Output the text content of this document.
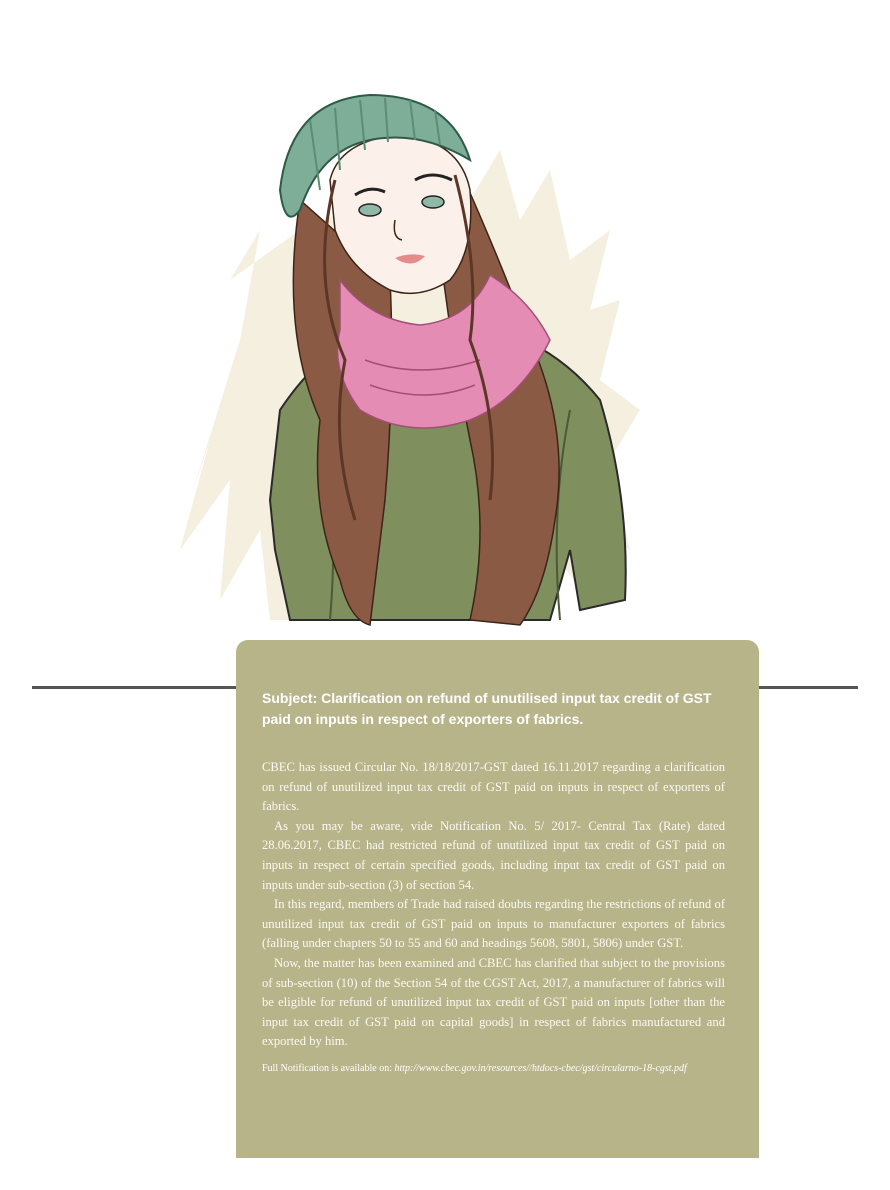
Subject: Clarification on refund of unutilised input tax credit of GST paid on inputs in respect of exporters of fabrics.

CBEC has issued Circular No. 18/18/2017-GST dated 16.11.2017 regarding a clarification on refund of unutilized input tax credit of GST paid on inputs in respect of exporters of fabrics.

As you may be aware, vide Notification No. 5/ 2017- Central Tax (Rate) dated 28.06.2017, CBEC had restricted refund of unutilized input tax credit of GST paid on inputs in respect of certain specified goods, including input tax credit of GST paid on inputs under sub-section (3) of section 54.

In this regard, members of Trade had raised doubts regarding the restrictions of refund of unutilized input tax credit of GST paid on inputs to manufacturer exporters of fabrics (falling under chapters 50 to 55 and 60 and headings 5608, 5801, 5806) under GST.

Now, the matter has been examined and CBEC has clarified that subject to the provisions of sub-section (10) of the Section 54 of the CGST Act, 2017, a manufacturer of fabrics will be eligible for refund of unutilized input tax credit of GST paid on inputs [other than the input tax credit of GST paid on capital goods] in respect of fabrics manufactured and exported by him.

Full Notification is available on: http://www.cbec.gov.in/resources//htdocs-cbec/gst/circularno-18-cgst.pdf
